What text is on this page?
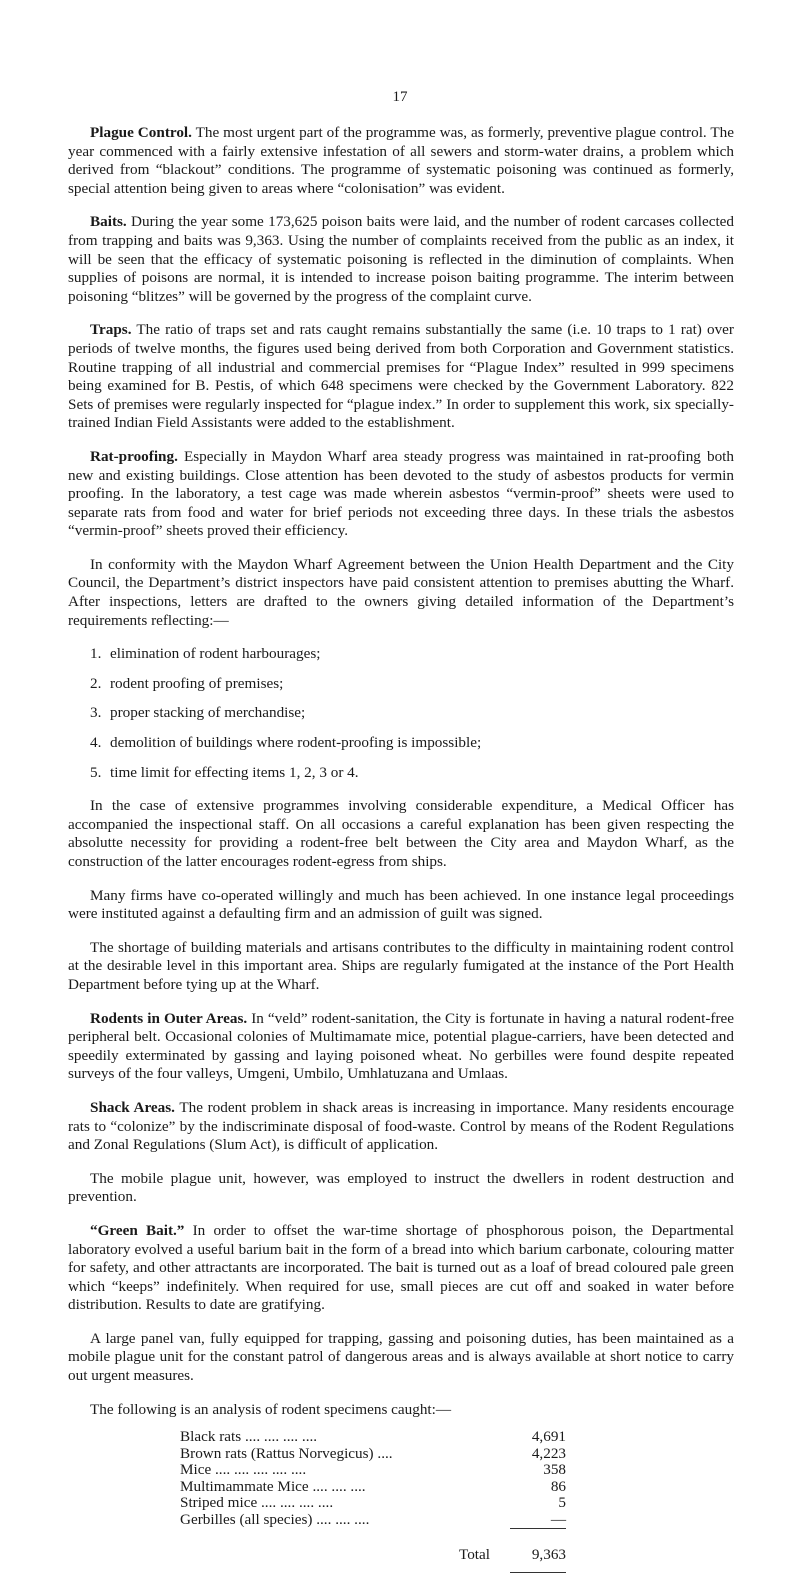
17

Plague Control. The most urgent part of the programme was, as formerly, preventive plague control. The year commenced with a fairly extensive infestation of all sewers and storm-water drains, a problem which derived from “blackout” conditions. The programme of systematic poisoning was continued as formerly, special attention being given to areas where “colonisation” was evident.

Baits. During the year some 173,625 poison baits were laid, and the number of rodent carcases collected from trapping and baits was 9,363. Using the number of complaints received from the public as an index, it will be seen that the efficacy of systematic poisoning is reflected in the diminution of complaints. When supplies of poisons are normal, it is intended to increase poison baiting programme. The interim between poisoning “blitzes” will be governed by the progress of the complaint curve.

Traps. The ratio of traps set and rats caught remains substantially the same (i.e. 10 traps to 1 rat) over periods of twelve months, the figures used being derived from both Corporation and Government statistics. Routine trapping of all industrial and commercial premises for “Plague Index” resulted in 999 specimens being examined for B. Pestis, of which 648 specimens were checked by the Government Laboratory. 822 Sets of premises were regularly inspected for “plague index.” In order to supplement this work, six specially-trained Indian Field Assistants were added to the establishment.

Rat-proofing. Especially in Maydon Wharf area steady progress was maintained in rat-proofing both new and existing buildings. Close attention has been devoted to the study of asbestos products for vermin proofing. In the laboratory, a test cage was made wherein asbestos “vermin-proof” sheets were used to separate rats from food and water for brief periods not exceeding three days. In these trials the asbestos “vermin-proof” sheets proved their efficiency.

In conformity with the Maydon Wharf Agreement between the Union Health Department and the City Council, the Department’s district inspectors have paid consistent attention to premises abutting the Wharf. After inspections, letters are drafted to the owners giving detailed information of the Department’s requirements reflecting:—

1. elimination of rodent harbourages;
2. rodent proofing of premises;
3. proper stacking of merchandise;
4. demolition of buildings where rodent-proofing is impossible;
5. time limit for effecting items 1, 2, 3 or 4.

In the case of extensive programmes involving considerable expenditure, a Medical Officer has accompanied the inspectional staff. On all occasions a careful explanation has been given respecting the absolutte necessity for providing a rodent-free belt between the City area and Maydon Wharf, as the construction of the latter encourages rodent-egress from ships.

Many firms have co-operated willingly and much has been achieved. In one instance legal proceedings were instituted against a defaulting firm and an admission of guilt was signed.

The shortage of building materials and artisans contributes to the difficulty in maintaining rodent control at the desirable level in this important area. Ships are regularly fumigated at the instance of the Port Health Department before tying up at the Wharf.

Rodents in Outer Areas. In “veld” rodent-sanitation, the City is fortunate in having a natural rodent-free peripheral belt. Occasional colonies of Multimamate mice, potential plague-carriers, have been detected and speedily exterminated by gassing and laying poisoned wheat. No gerbilles were found despite repeated surveys of the four valleys, Umgeni, Umbilo, Umhlatuzana and Umlaas.

Shack Areas. The rodent problem in shack areas is increasing in importance. Many residents encourage rats to “colonize” by the indiscriminate disposal of food-waste. Control by means of the Rodent Regulations and Zonal Regulations (Slum Act), is difficult of application.

The mobile plague unit, however, was employed to instruct the dwellers in rodent destruction and prevention.

“Green Bait.” In order to offset the war-time shortage of phosphorous poison, the Departmental laboratory evolved a useful barium bait in the form of a bread into which barium carbonate, colouring matter for safety, and other attractants are incorporated. The bait is turned out as a loaf of bread coloured pale green which “keeps” indefinitely. When required for use, small pieces are cut off and soaked in water before distribution. Results to date are gratifying.

A large panel van, fully equipped for trapping, gassing and poisoning duties, has been maintained as a mobile plague unit for the constant patrol of dangerous areas and is always available at short notice to carry out urgent measures.

The following is an analysis of rodent specimens caught:—

Black rats .... .... .... ....	4,691
Brown rats (Rattus Norvegicus) ....	4,223
Mice .... .... .... .... ....	358
Multimammate Mice .... .... ....	86
Striped mice .... .... .... ....	5
Gerbilles (all species) .... .... ....	—
Total	9,363
